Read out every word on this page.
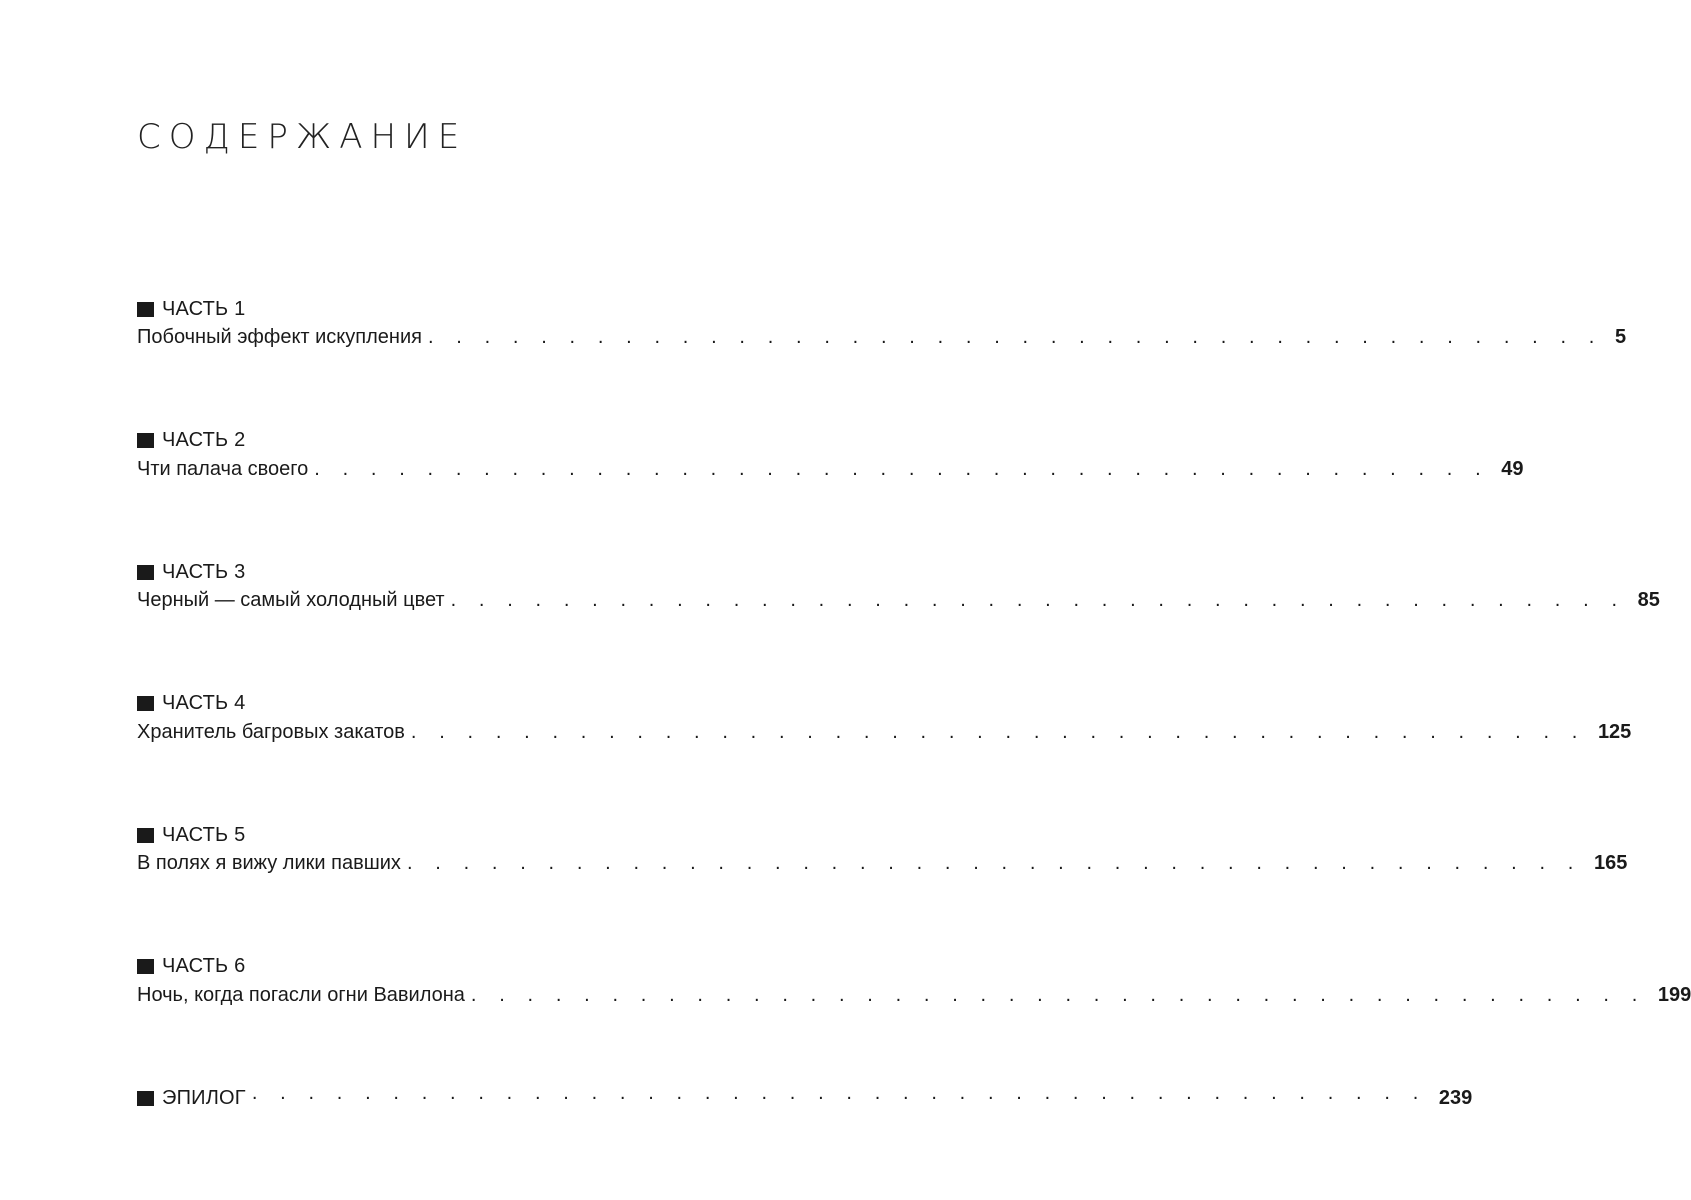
СОДЕРЖАНИЕ
ЧАСТЬ 1
Побочный эффект искупления . . . . . . . . . . . . . . . . . . . . . . . . . . . . . . . . . . . . . . . . . . 5
ЧАСТЬ 2
Чти палача своего . . . . . . . . . . . . . . . . . . . . . . . . . . . . . . . . . . . . . . . . . . 49
ЧАСТЬ 3
Черный — самый холодный цвет . . . . . . . . . . . . . . . . . . . . . . . . . . . . . . . . . . . . . . . . . . 85
ЧАСТЬ 4
Хранитель багровых закатов . . . . . . . . . . . . . . . . . . . . . . . . . . . . . . . . . . . . . . . . . . 125
ЧАСТЬ 5
В полях я вижу лики павших . . . . . . . . . . . . . . . . . . . . . . . . . . . . . . . . . . . . . . . . . . 165
ЧАСТЬ 6
Ночь, когда погасли огни Вавилона . . . . . . . . . . . . . . . . . . . . . . . . . . . . . . . . . . . . . . . . . . 199
ЭПИЛОГ . . . . . . . . . . . . . . . . . . . . . . . . . . . . . . . . . . . . . . . . . . 239
